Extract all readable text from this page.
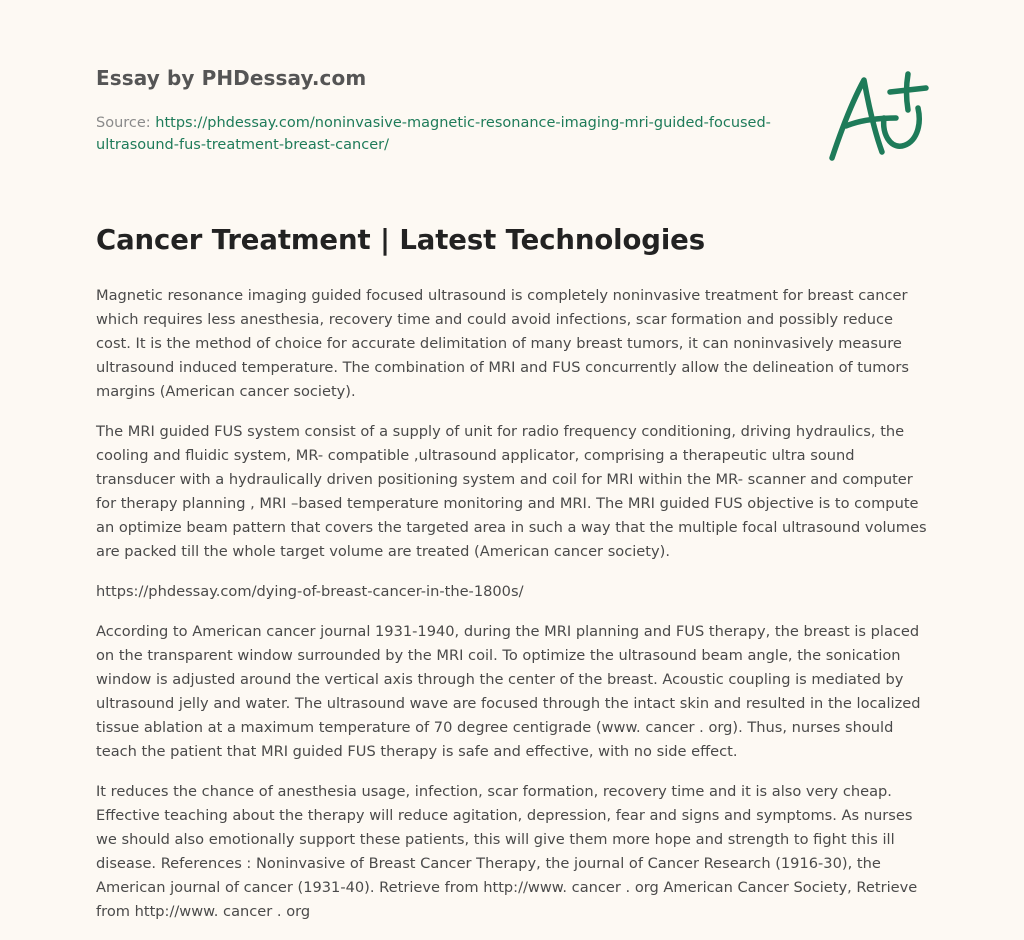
Essay by PHDessay.com
Source: https://phdessay.com/noninvasive-magnetic-resonance-imaging-mri-guided-focused-ultrasound-fus-treatment-breast-cancer/
Cancer Treatment | Latest Technologies

Magnetic resonance imaging guided focused ultrasound is completely noninvasive treatment for breast cancer which requires less anesthesia, recovery time and could avoid infections, scar formation and possibly reduce cost. It is the method of choice for accurate delimitation of many breast tumors, it can noninvasively measure ultrasound induced temperature. The combination of MRI and FUS concurrently allow the delineation of tumors margins (American cancer society).

The MRI guided FUS system consist of a supply of unit for radio frequency conditioning, driving hydraulics, the cooling and fluidic system, MR- compatible ,ultrasound applicator, comprising a therapeutic ultra sound transducer with a hydraulically driven positioning system and coil for MRI within the MR- scanner and computer for therapy planning , MRI –based temperature monitoring and MRI. The MRI guided FUS objective is to compute an optimize beam pattern that covers the targeted area in such a way that the multiple focal ultrasound volumes are packed till the whole target volume are treated (American cancer society).

https://phdessay.com/dying-of-breast-cancer-in-the-1800s/

According to American cancer journal 1931-1940, during the MRI planning and FUS therapy, the breast is placed on the transparent window surrounded by the MRI coil. To optimize the ultrasound beam angle, the sonication window is adjusted around the vertical axis through the center of the breast. Acoustic coupling is mediated by ultrasound jelly and water. The ultrasound wave are focused through the intact skin and resulted in the localized tissue ablation at a maximum temperature of 70 degree centigrade (www. cancer . org). Thus, nurses should teach the patient that MRI guided FUS therapy is safe and effective, with no side effect.

It reduces the chance of anesthesia usage, infection, scar formation, recovery time and it is also very cheap. Effective teaching about the therapy will reduce agitation, depression, fear and signs and symptoms. As nurses we should also emotionally support these patients, this will give them more hope and strength to fight this ill disease. References : Noninvasive of Breast Cancer Therapy, the journal of Cancer Research (1916-30), the American journal of cancer (1931-40). Retrieve from http://www. cancer . org American Cancer Society, Retrieve from http://www. cancer . org
